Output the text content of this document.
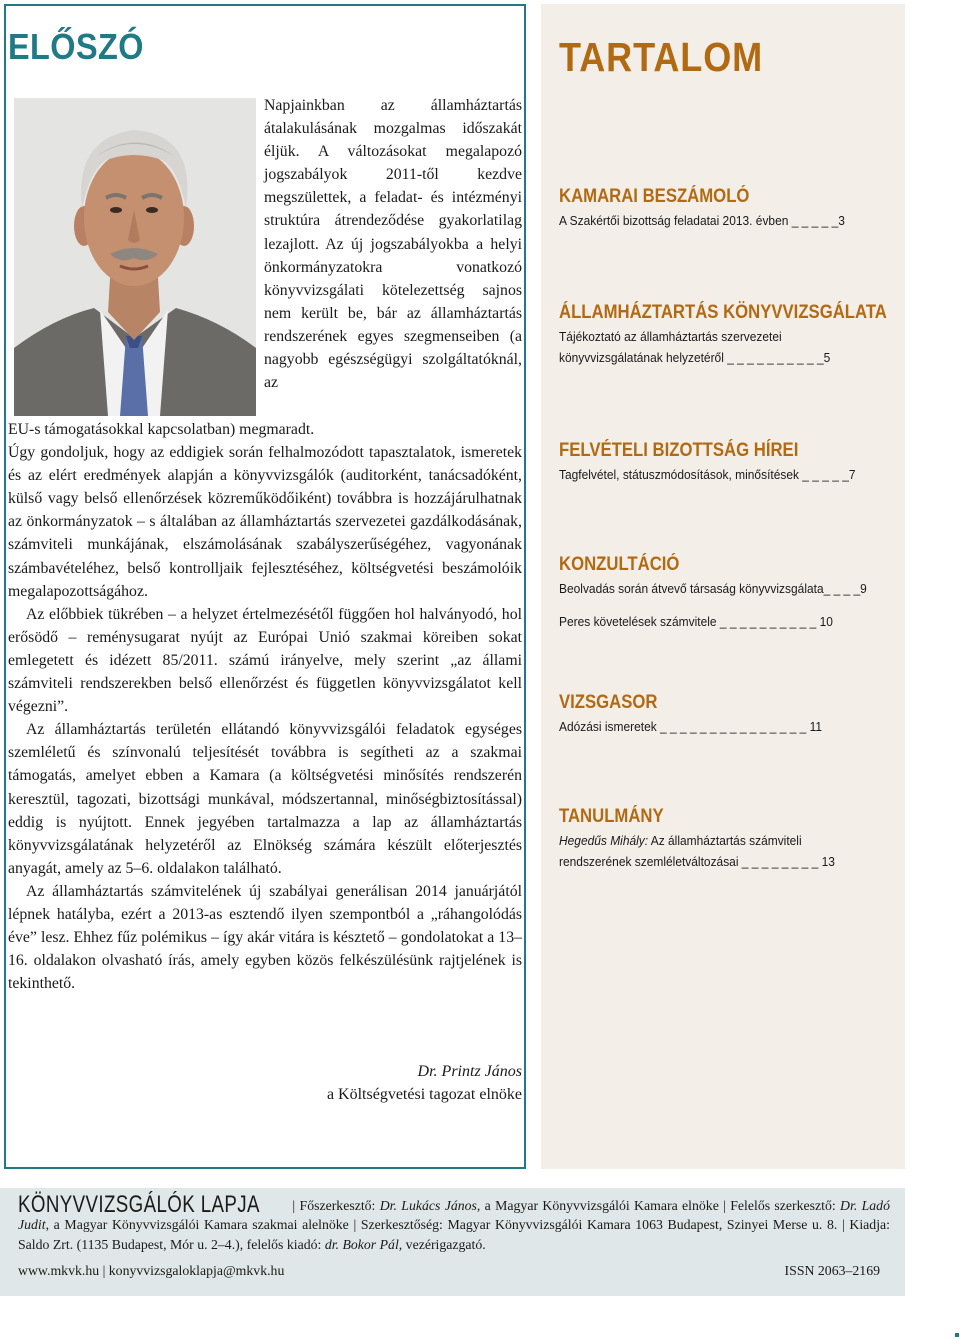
ELŐSZÓ

Napjainkban az államháztartás átalakulásának mozgalmas időszakát éljük. A változásokat megalapozó jogszabályok 2011-től kezdve megszülettek, a feladat- és intézményi struktúra átrendeződése gyakorlatilag lezajlott. Az új jogszabályokba a helyi önkormányzatokra vonatkozó könyvvizsgálati kötelezettség sajnos nem került be, bár az államháztartás rendszerének egyes szegmenseiben (a nagyobb egészségügyi szolgáltatóknál, az

EU-s támogatásokkal kapcsolatban) megmaradt.

Úgy gondoljuk, hogy az eddigiek során felhalmozódott tapasztalatok, ismeretek és az elért eredmények alapján a könyvvizsgálók (auditorként, tanácsadóként, külső vagy belső ellenőrzések közreműködőiként) továbbra is hozzájárulhatnak az önkormányzatok – s általában az államháztartás szervezetei gazdálkodásának, számviteli munkájának, elszámolásának szabályszerűségéhez, vagyonának számbavételéhez, belső kontrolljaik fejlesztéséhez, költségvetési beszámolóik megalapozottságához.

Az előbbiek tükrében – a helyzet értelmezésétől függően hol halványodó, hol erősödő – reménysugarat nyújt az Európai Unió szakmai köreiben sokat emlegetett és idézett 85/2011. számú irányelve, mely szerint „az állami számviteli rendszerekben belső ellenőrzést és független könyvvizsgálatot kell végezni”.

Az államháztartás területén ellátandó könyvvizsgálói feladatok egységes szemléletű és színvonalú teljesítését továbbra is segítheti az a szakmai támogatás, amelyet ebben a Kamara (a költségvetési minősítés rendszerén keresztül, tagozati, bizottsági munkával, módszertannal, minőségbiztosítással) eddig is nyújtott. Ennek jegyében tartalmazza a lap az államháztartás könyvvizsgálatának helyzetéről az Elnökség számára készült előterjesztés anyagát, amely az 5–6. oldalakon található.

Az államháztartás számvitelének új szabályai generálisan 2014 januárjától lépnek hatályba, ezért a 2013-as esztendő ilyen szempontból a „ráhangolódás éve” lesz. Ehhez fűz polémikus – így akár vitára is késztető – gondolatokat a 13–16. oldalakon olvasható írás, amely egyben közös felkészülésünk rajtjelének is tekinthető.

Dr. Printz János
a Költségvetési tagozat elnöke
TARTALOM
KAMARAI BESZÁMOLÓ
A Szakértői bizottság feladatai 2013. évben _ _ _ _ _3
ÁLLAMHÁZTARTÁS KÖNYVVIZSGÁLATA
Tájékoztató az államháztartás szervezetei
könyvvizsgálatának helyzetéről _ _ _ _ _ _ _ _ _ _5
FELVÉTELI BIZOTTSÁG HÍREI
Tagfelvétel, státuszmódosítások, minősítések _ _ _ _ _7
KONZULTÁCIÓ
Beolvadás során átvevő társaság könyvvizsgálata_ _ _ _9
Peres követelések számvitele _ _ _ _ _ _ _ _ _ _ 10
VIZSGASOR
Adózási ismeretek _ _ _ _ _ _ _ _ _ _ _ _ _ _ _ 11
TANULMÁNY
Hegedűs Mihály: Az államháztartás számviteli
rendszerének szemléletváltozásai _ _ _ _ _ _ _ _ 13
KÖNYVVIZSGÁLÓK LAPJA | Főszerkesztő: Dr. Lukács János, a Magyar Könyvvizsgálói Kamara elnöke | Felelős szerkesztő: Dr. Ladó Judit, a Magyar Könyvvizsgálói Kamara szakmai alelnöke | Szerkesztőség: Magyar Könyvvizsgálói Kamara 1063 Budapest, Szinyei Merse u. 8. | Kiadja: Saldo Zrt. (1135 Budapest, Mór u. 2–4.), felelős kiadó: dr. Bokor Pál, vezérigazgató.
www.mkvk.hu | konyvvizsgaloklapja@mkvk.hu	ISSN 2063–2169
